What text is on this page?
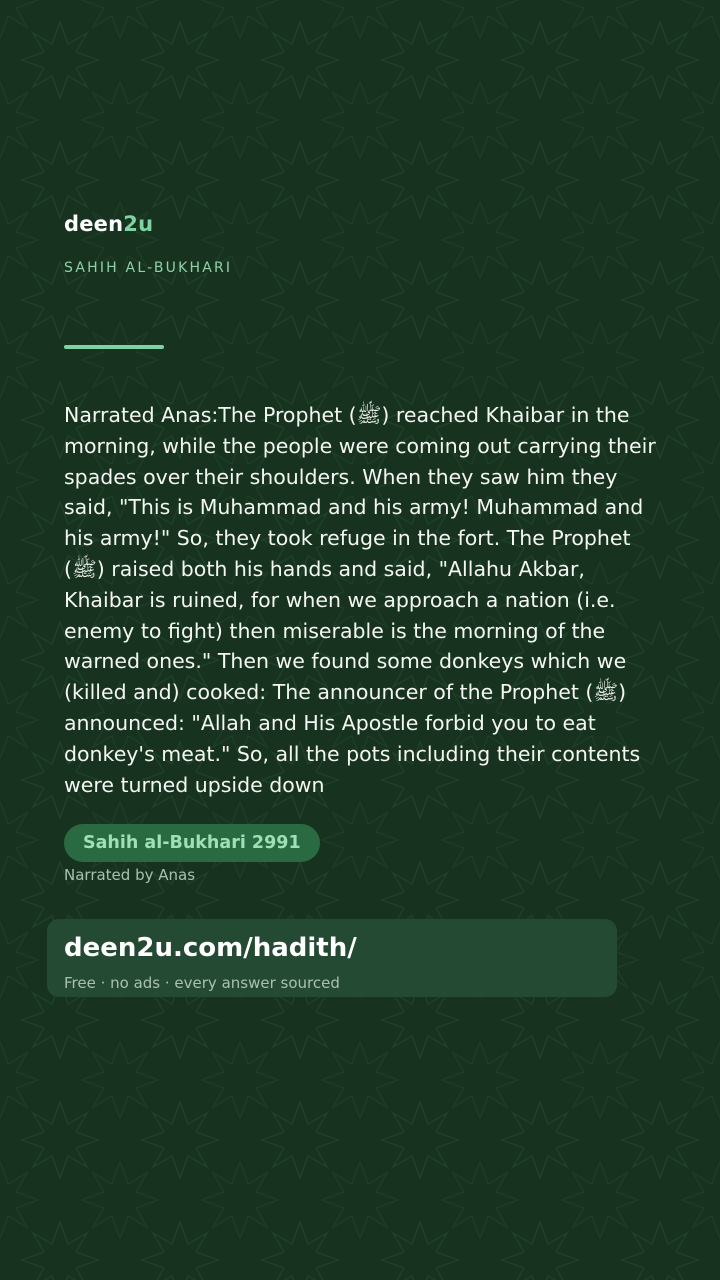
deen2u
SAHIH AL-BUKHARI
Narrated Anas:The Prophet (ﷺ) reached Khaibar in the morning, while the people were coming out carrying their spades over their shoulders. When they saw him they said, "This is Muhammad and his army! Muhammad and his army!" So, they took refuge in the fort. The Prophet (ﷺ) raised both his hands and said, "Allahu Akbar, Khaibar is ruined, for when we approach a nation (i.e. enemy to fight) then miserable is the morning of the warned ones." Then we found some donkeys which we (killed and) cooked: The announcer of the Prophet (ﷺ) announced: "Allah and His Apostle forbid you to eat donkey's meat." So, all the pots including their contents were turned upside down
Sahih al-Bukhari 2991
Narrated by Anas
deen2u.com/hadith/
Free · no ads · every answer sourced
